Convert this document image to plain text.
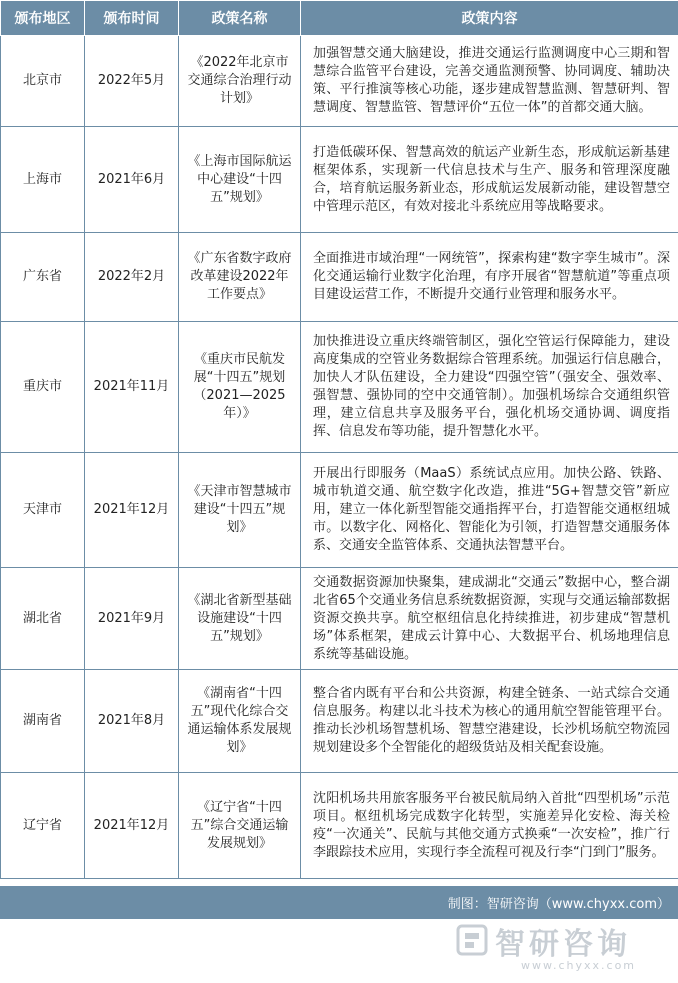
颁布地区	颁布时间	政策名称	政策内容
北京市	2022年5月	《2022年北京市交通综合治理行动计划》	加强智慧交通大脑建设，推进交通运行监测调度中心三期和智慧综合监管平台建设，完善交通监测预警、协同调度、辅助决策、平行推演等核心功能，逐步建成智慧监测、智慧研判、智慧调度、智慧监管、智慧评价“五位一体”的首都交通大脑。
上海市	2021年6月	《上海市国际航运中心建设“十四五”规划》	打造低碳环保、智慧高效的航运产业新生态，形成航运新基建框架体系，实现新一代信息技术与生产、服务和管理深度融合，培育航运服务新业态，形成航运发展新动能，建设智慧空中管理示范区，有效对接北斗系统应用等战略要求。
广东省	2022年2月	《广东省数字政府改革建设2022年工作要点》	全面推进市域治理“一网统管”，探索构建“数字孪生城市”。深化交通运输行业数字化治理，有序开展省“智慧航道”等重点项目建设运营工作，不断提升交通行业管理和服务水平。
重庆市	2021年11月	《重庆市民航发展“十四五”规划（2021—2025年）》	加快推进设立重庆终端管制区，强化空管运行保障能力，建设高度集成的空管业务数据综合管理系统。加强运行信息融合，加快人才队伍建设，全力建设“四强空管”（强安全、强效率、强智慧、强协同的空中交通管制）。加强机场综合交通组织管理，建立信息共享及服务平台，强化机场交通协调、调度指挥、信息发布等功能，提升智慧化水平。
天津市	2021年12月	《天津市智慧城市建设“十四五”规划》	开展出行即服务（MaaS）系统试点应用。加快公路、铁路、城市轨道交通、航空数字化改造，推进“5G+智慧交管”新应用，建立一体化新型智能交通指挥平台，打造智能交通枢纽城市。以数字化、网格化、智能化为引领，打造智慧交通服务体系、交通安全监管体系、交通执法智慧平台。
湖北省	2021年9月	《湖北省新型基础设施建设“十四五”规划》	交通数据资源加快聚集，建成湖北“交通云”数据中心，整合湖北省65个交通业务信息系统数据资源，实现与交通运输部数据资源交换共享。航空枢纽信息化持续推进，初步建成“智慧机场”体系框架，建成云计算中心、大数据平台、机场地理信息系统等基础设施。
湖南省	2021年8月	《湖南省“十四五”现代化综合交通运输体系发展规划》	整合省内既有平台和公共资源，构建全链条、一站式综合交通信息服务。构建以北斗技术为核心的通用航空智能管理平台。推动长沙机场智慧机场、智慧空港建设，长沙机场航空物流园规划建设多个全智能化的超级货站及相关配套设施。
辽宁省	2021年12月	《辽宁省“十四五”综合交通运输发展规划》	沈阳机场共用旅客服务平台被民航局纳入首批“四型机场”示范项目。枢纽机场完成数字化转型，实施差异化安检、海关检疫“一次通关”、民航与其他交通方式换乘“一次安检”，推广行李跟踪技术应用，实现行李全流程可视及行李“门到门”服务。
制图：智研咨询（www.chyxx.com）
智研咨询
www.chyxx.com
